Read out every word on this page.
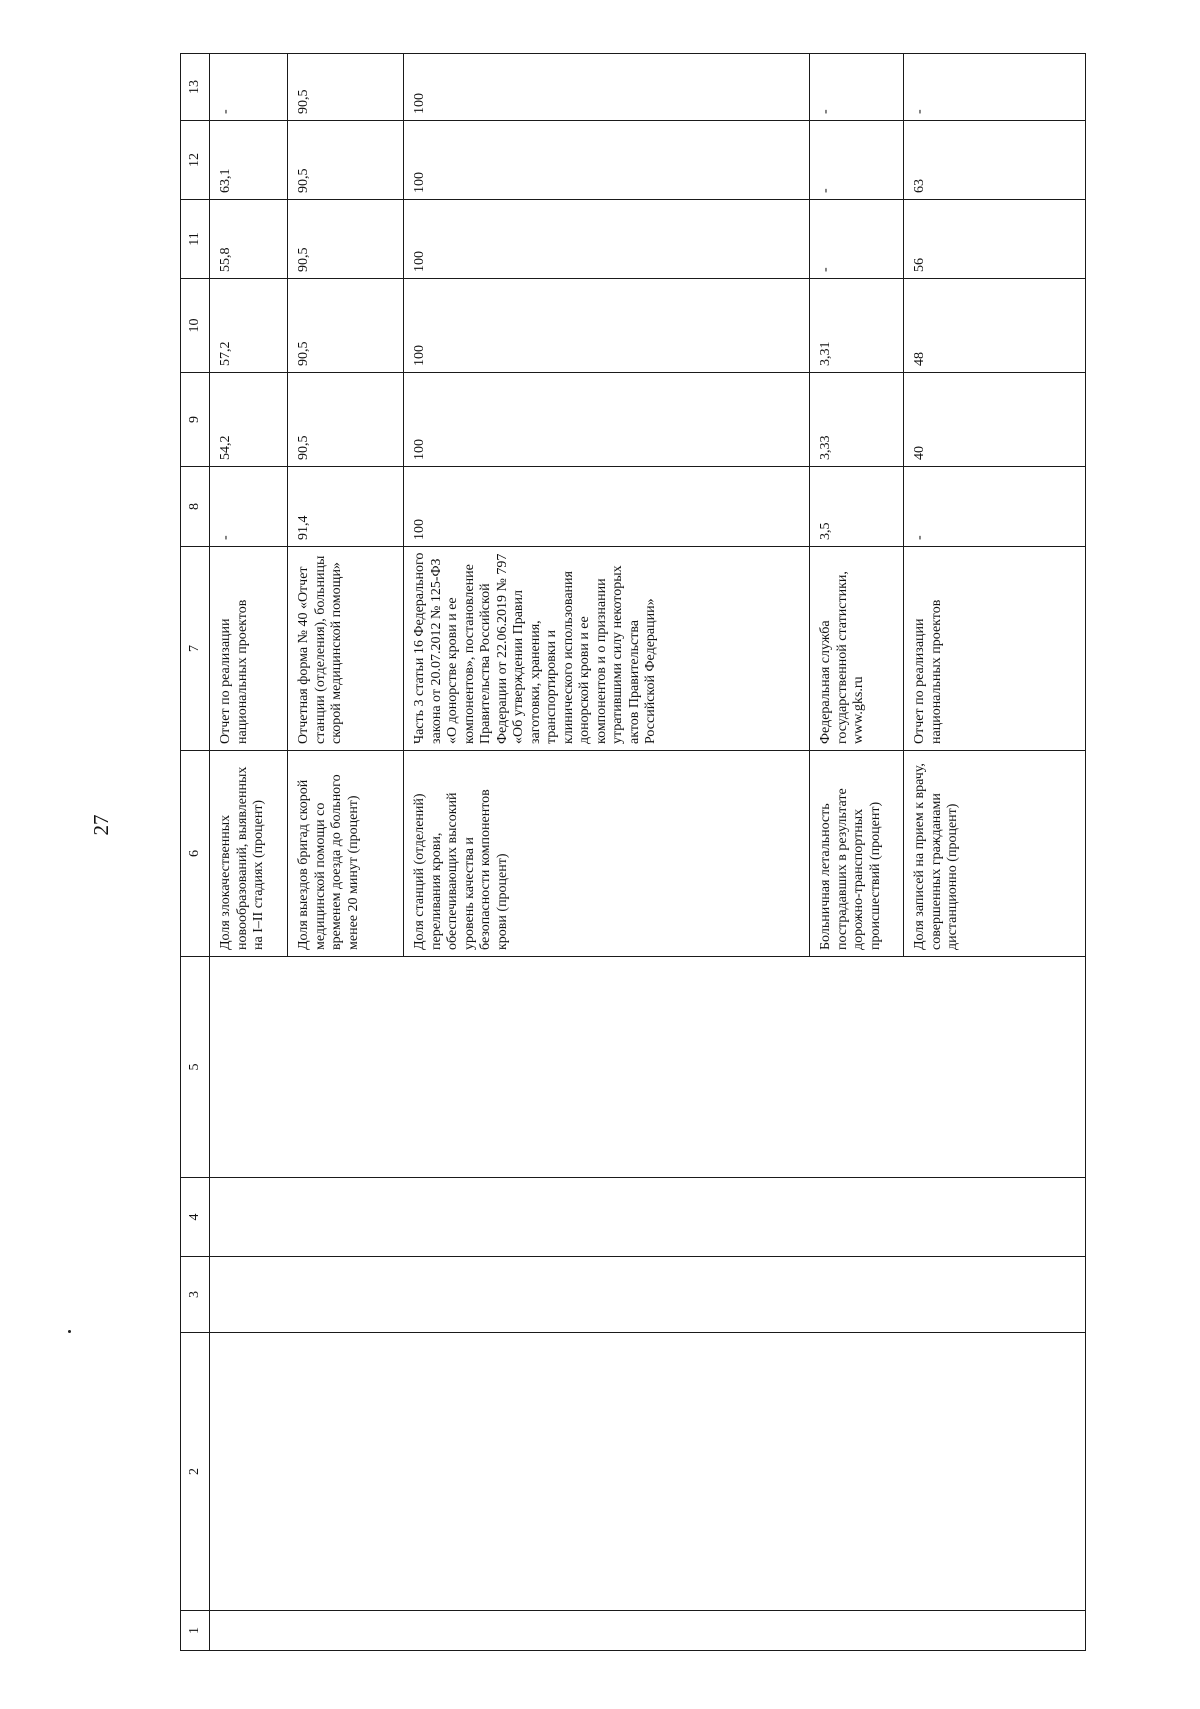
27
1	2	3	4	5	6	7	8	9	10	11	12	13
					Доля злокачественных новообразований, выявленных на I–II стадиях (процент)	Отчет по реализации национальных проектов	-	54,2	57,2	55,8	63,1	-
					Доля выездов бригад скорой медицинской помощи со временем доезда до больного менее 20 минут (процент)	Отчетная форма № 40 «Отчет станции (отделения), больницы скорой медицинской помощи»	91,4	90,5	90,5	90,5	90,5	90,5
					Доля станций (отделений) переливания крови, обеспечивающих высокий уровень качества и безопасности компонентов крови (процент)	Часть 3 статьи 16 Федерального закона от 20.07.2012 № 125-ФЗ «О донорстве крови и ее компонентов», постановление Правительства Российской Федерации от 22.06.2019 № 797 «Об утверждении Правил заготовки, хранения, транспортировки и клинического использования донорской крови и ее компонентов и о признании утратившими силу некоторых актов Правительства Российской Федерации»	100	100	100	100	100	100
					Больничная летальность пострадавших в результате дорожно-транспортных происшествий (процент)	Федеральная служба государственной статистики, www.gks.ru	3,5	3,33	3,31	-	-	-
					Доля записей на прием к врачу, совершенных гражданами дистанционно (процент)	Отчет по реализации национальных проектов	-	40	48	56	63	-
